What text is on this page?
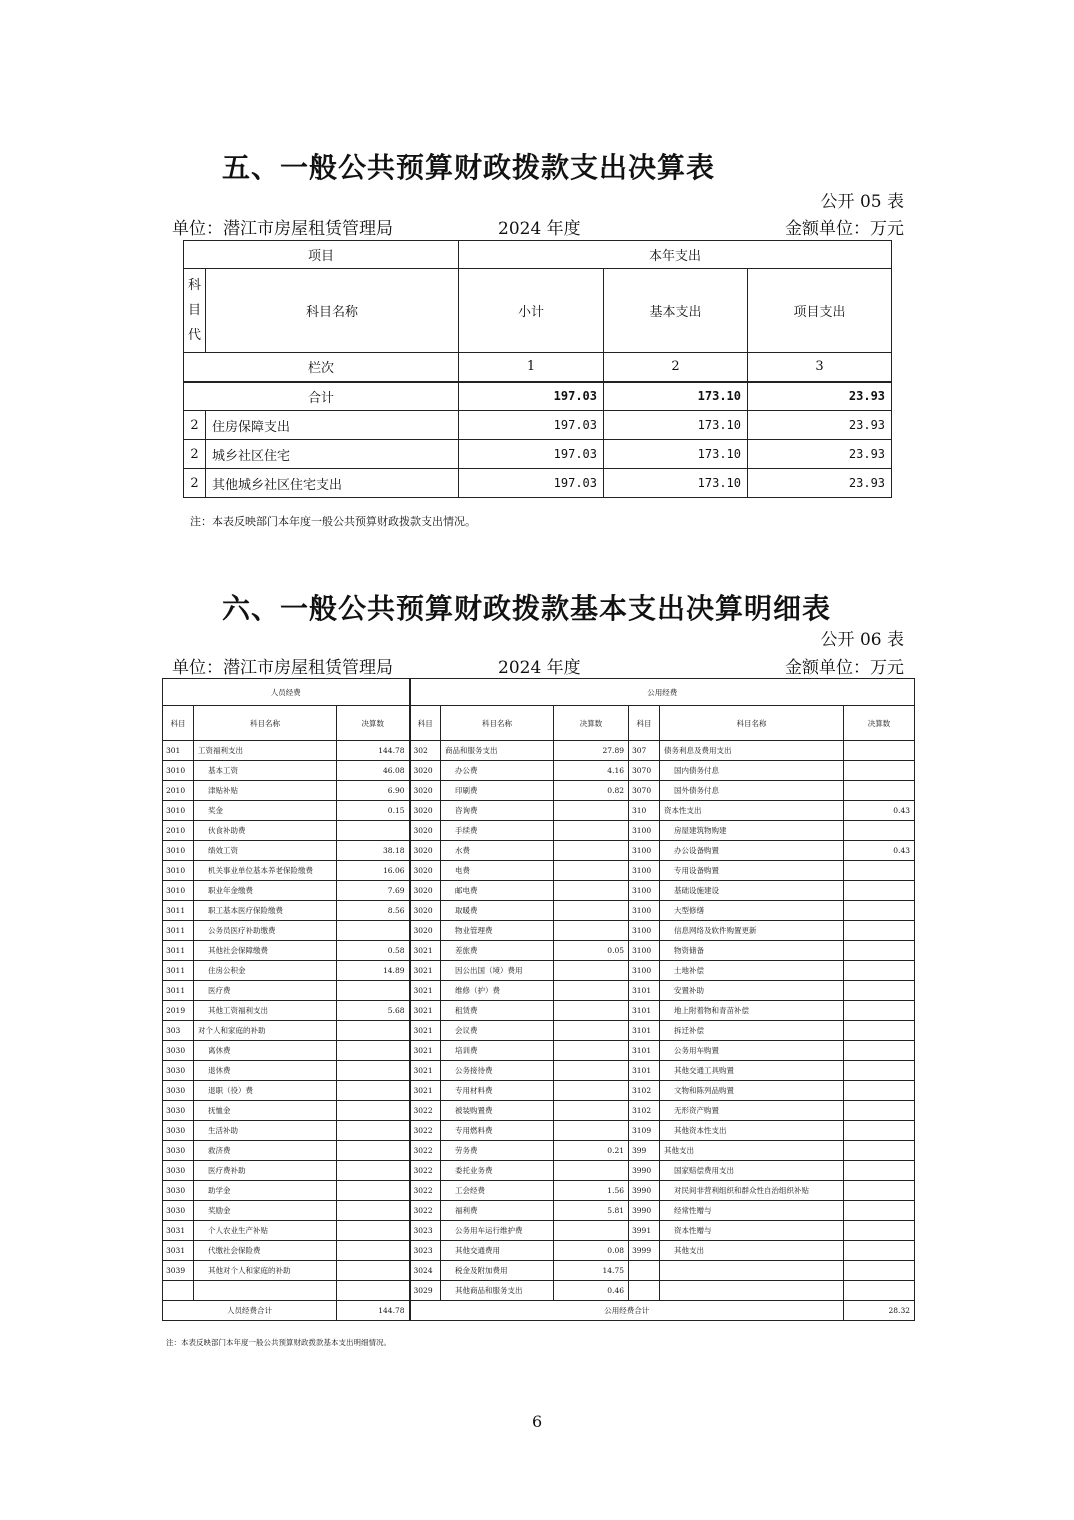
五、一般公共预算财政拨款支出决算表
公开 05 表
单位：潜江市房屋租赁管理局	2024 年度	金额单位：万元
项目		本年支出		

科
目
代	科目名称	小计	基本支出	项目支出
栏次		1	2	3
合计		197.03	173.10	23.93
2	住房保障支出	197.03	173.10	23.93
2	城乡社区住宅	197.03	173.10	23.93
2	其他城乡社区住宅支出	197.03	173.10	23.93
注：本表反映部门本年度一般公共预算财政拨款支出情况。
六、一般公共预算财政拨款基本支出决算明细表
公开 06 表
单位：潜江市房屋租赁管理局	2024 年度	金额单位：万元
人员经费			公用经费					
科目	科目名称	决算数	科目	科目名称	决算数	科目	科目名称	决算数
301	工资福利支出	144.78	302	商品和服务支出	27.89	307	债务利息及费用支出	
3010	基本工资	46.08	3020	办公费	4.16	3070	国内债务付息	
2010	津贴补贴	6.90	3020	印刷费	0.82	3070	国外债务付息	
3010	奖金	0.15	3020	咨询费		310	资本性支出	0.43
2010	伙食补助费		3020	手续费		3100	房屋建筑物购建	
3010	绩效工资	38.18	3020	水费		3100	办公设备购置	0.43
3010	机关事业单位基本养老保险缴费	16.06	3020	电费		3100	专用设备购置	
3010	职业年金缴费	7.69	3020	邮电费		3100	基础设施建设	
3011	职工基本医疗保险缴费	8.56	3020	取暖费		3100	大型修缮	
3011	公务员医疗补助缴费		3020	物业管理费		3100	信息网络及软件购置更新	
3011	其他社会保障缴费	0.58	3021	差旅费	0.05	3100	物资储备	
3011	住房公积金	14.89	3021	因公出国（境）费用		3100	土地补偿	
3011	医疗费		3021	维修（护）费		3101	安置补助	
2019	其他工资福利支出	5.68	3021	租赁费		3101	地上附着物和青苗补偿	
303	对个人和家庭的补助		3021	会议费		3101	拆迁补偿	
3030	离休费		3021	培训费		3101	公务用车购置	
3030	退休费		3021	公务接待费		3101	其他交通工具购置	
3030	退职（役）费		3021	专用材料费		3102	文物和陈列品购置	
3030	抚恤金		3022	被装购置费		3102	无形资产购置	
3030	生活补助		3022	专用燃料费		3109	其他资本性支出	
3030	救济费		3022	劳务费	0.21	399	其他支出	
3030	医疗费补助		3022	委托业务费		3990	国家赔偿费用支出	
3030	助学金		3022	工会经费	1.56	3990	对民间非营利组织和群众性自治组织补贴	
3030	奖励金		3022	福利费	5.81	3990	经常性赠与	
3031	个人农业生产补贴		3023	公务用车运行维护费		3991	资本性赠与	
3031	代缴社会保险费		3023	其他交通费用	0.08	3999	其他支出	
3039	其他对个人和家庭的补助		3024	税金及附加费用	14.75			
			3029	其他商品和服务支出	0.46			
人员经费合计		144.78	公用经费合计					28.32
注：本表反映部门本年度一般公共预算财政拨款基本支出明细情况。
6
